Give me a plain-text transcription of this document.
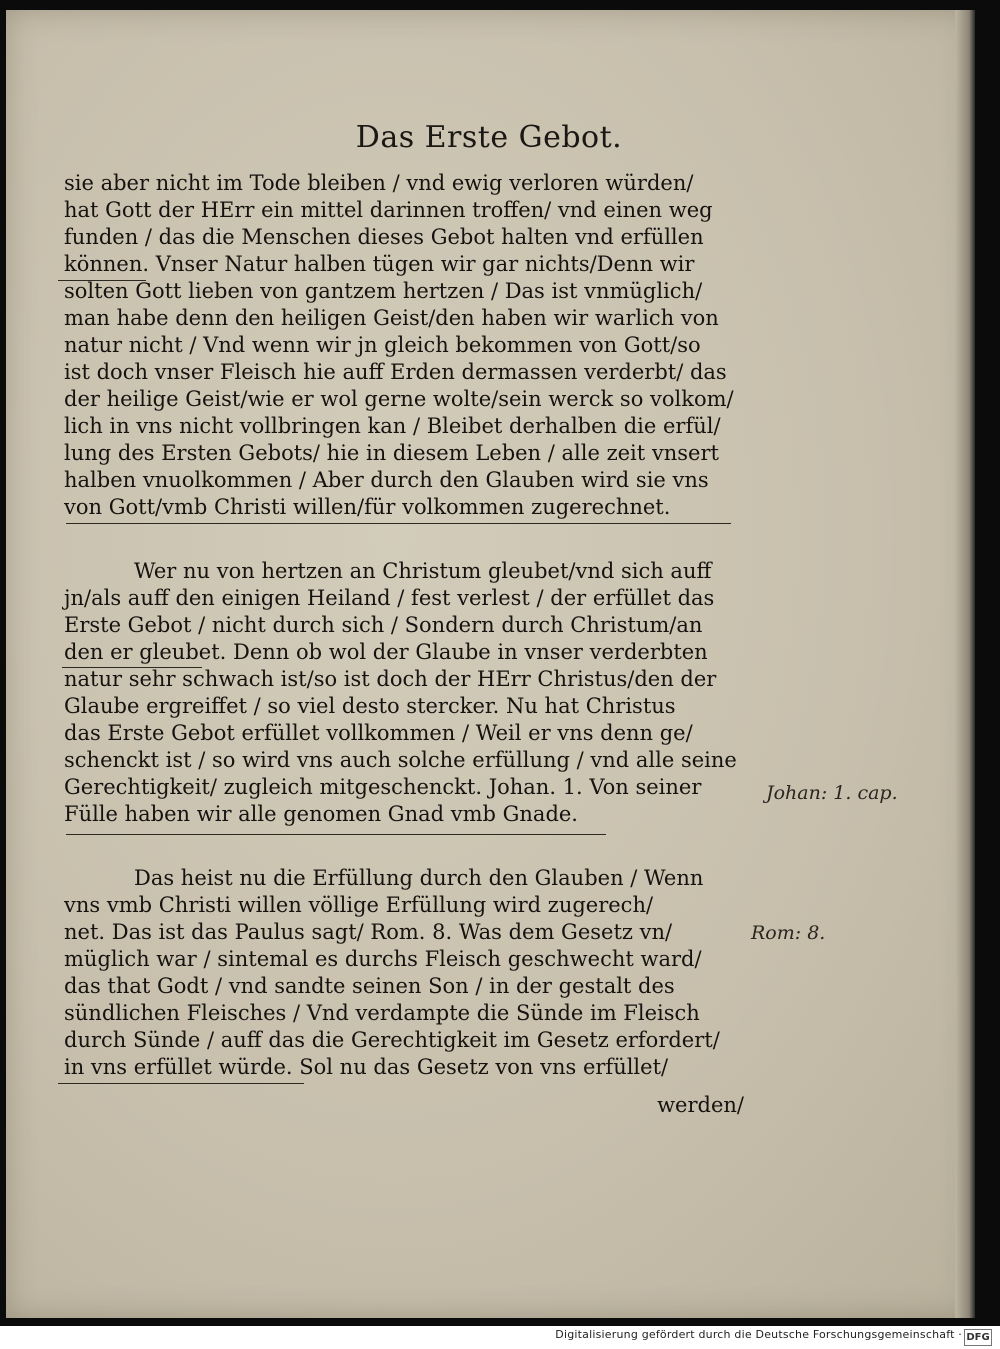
Das Erste Gebot.
sie aber nicht im Tode bleiben / vnd ewig verloren würden/
hat Gott der HErr ein mittel darinnen troffen/ vnd einen weg
funden / das die Menschen dieses Gebot halten vnd erfüllen
können. Vnser Natur halben tügen wir gar nichts/Denn wir
solten Gott lieben von gantzem hertzen / Das ist vnmüglich/
man habe denn den heiligen Geist/den haben wir warlich von
natur nicht / Vnd wenn wir jn gleich bekommen von Gott/so
ist doch vnser Fleisch hie auff Erden dermassen verderbt/ das
der heilige Geist/wie er wol gerne wolte/sein werck so volkom/
lich in vns nicht vollbringen kan / Bleibet derhalben die erfül/
lung des Ersten Gebots/ hie in diesem Leben / alle zeit vnsert
halben vnuolkommen / Aber durch den Glauben wird sie vns
von Gott/vmb Christi willen/für volkommen zugerechnet.
Wer nu von hertzen an Christum gleubet/vnd sich auff
jn/als auff den einigen Heiland / fest verlest / der erfüllet das
Erste Gebot / nicht durch sich / Sondern durch Christum/an
den er gleubet. Denn ob wol der Glaube in vnser verderbten
natur sehr schwach ist/so ist doch der HErr Christus/den der
Glaube ergreiffet / so viel desto stercker. Nu hat Christus
das Erste Gebot erfüllet vollkommen / Weil er vns denn ge/
schenckt ist / so wird vns auch solche erfüllung / vnd alle seine
Gerechtigkeit/ zugleich mitgeschenckt. Johan. 1. Von seiner
Fülle haben wir alle genomen Gnad vmb Gnade.
Das heist nu die Erfüllung durch den Glauben / Wenn
vns vmb Christi willen völlige Erfüllung wird zugerech/
net. Das ist das Paulus sagt/ Rom. 8. Was dem Gesetz vn/
müglich war / sintemal es durchs Fleisch geschwecht ward/
das that Godt / vnd sandte seinen Son / in der gestalt des
sündlichen Fleisches / Vnd verdampte die Sünde im Fleisch
durch Sünde / auff das die Gerechtigkeit im Gesetz erfordert/
in vns erfüllet würde. Sol nu das Gesetz von vns erfüllet/
werden/
Johan: 1. cap.
Rom: 8.
Digitalisierung gefördert durch die Deutsche Forschungsgemeinschaft · DFG
